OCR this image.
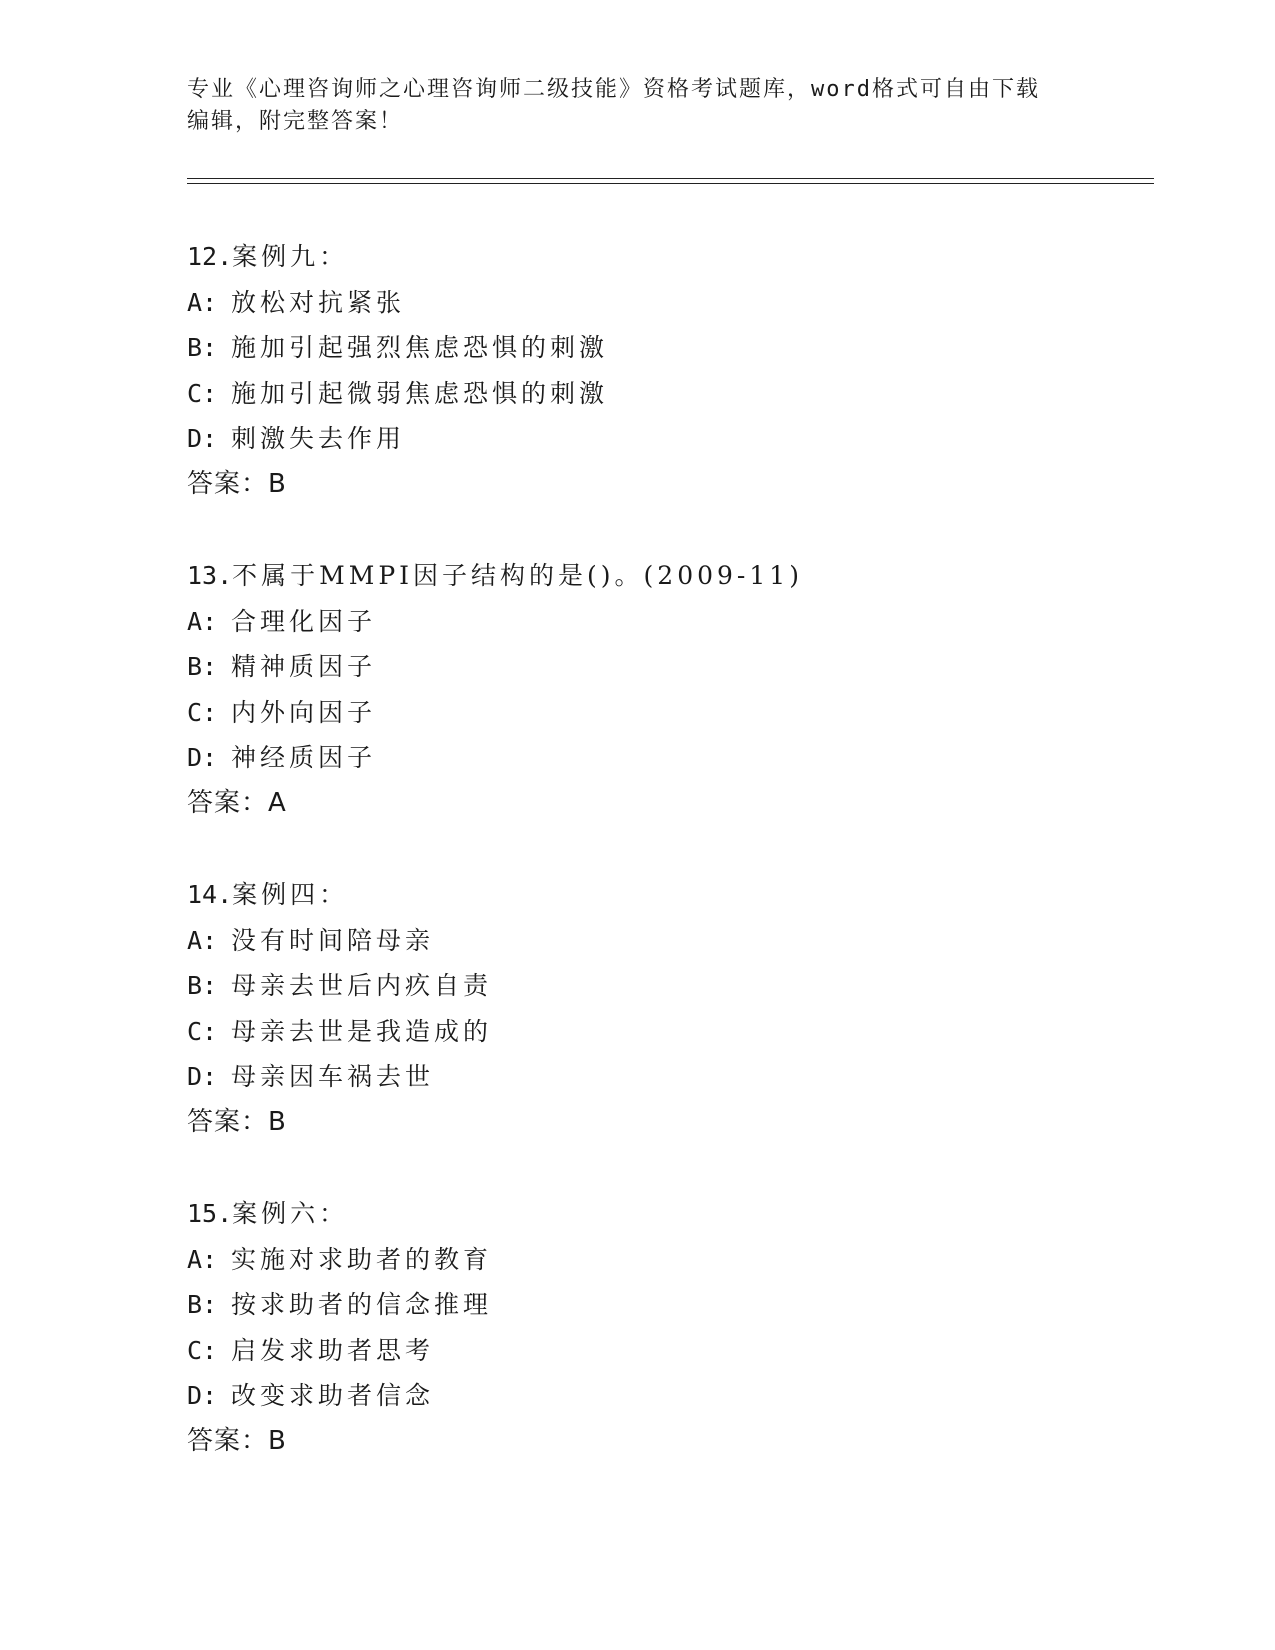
专业《心理咨询师之心理咨询师二级技能》资格考试题库，word格式可自由下载
编辑，附完整答案！
12.案例九：
A: 放松对抗紧张
B: 施加引起强烈焦虑恐惧的刺激
C: 施加引起微弱焦虑恐惧的刺激
D: 刺激失去作用
答案：B
13.不属于MMPI因子结构的是()。(2009-11)
A: 合理化因子
B: 精神质因子
C: 内外向因子
D: 神经质因子
答案：A
14.案例四：
A: 没有时间陪母亲
B: 母亲去世后内疚自责
C: 母亲去世是我造成的
D: 母亲因车祸去世
答案：B
15.案例六：
A: 实施对求助者的教育
B: 按求助者的信念推理
C: 启发求助者思考
D: 改变求助者信念
答案：B
